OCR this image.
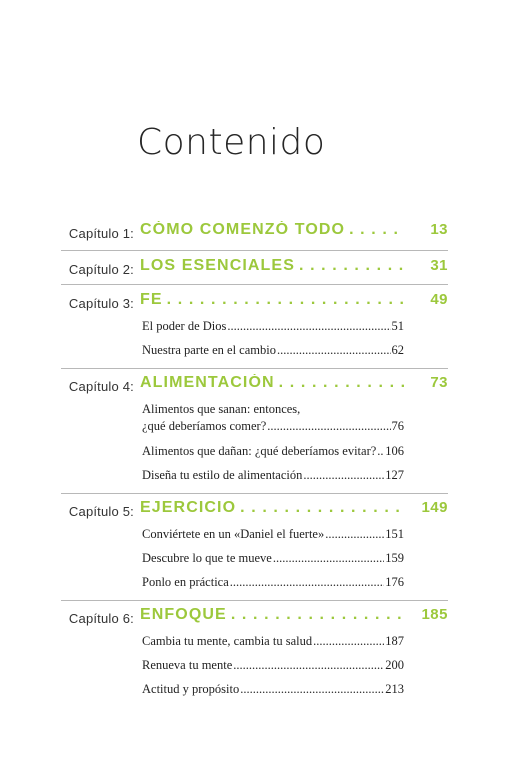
Contenido
Capítulo 1: CÓMO COMENZÓ TODO . . .	13
Capítulo 2: LOS ESENCIALES . . .	31
Capítulo 3: FE . . .	49
El poder de Dios .....	51
Nuestra parte en el cambio .....	62
Capítulo 4: ALIMENTACIÓN . . .	73
Alimentos que sanan: entonces,
¿qué deberíamos comer? .....	76
Alimentos que dañan: ¿qué deberíamos evitar? ..... 106
Diseña tu estilo de alimentación .....	127
Capítulo 5: EJERCICIO . . .	149
Conviértete en un «Daniel el fuerte» .....	151
Descubre lo que te mueve .....	159
Ponlo en práctica .....	176
Capítulo 6: ENFOQUE . . .	185
Cambia tu mente, cambia tu salud .....	187
Renueva tu mente .....	200
Actitud y propósito .....	213
